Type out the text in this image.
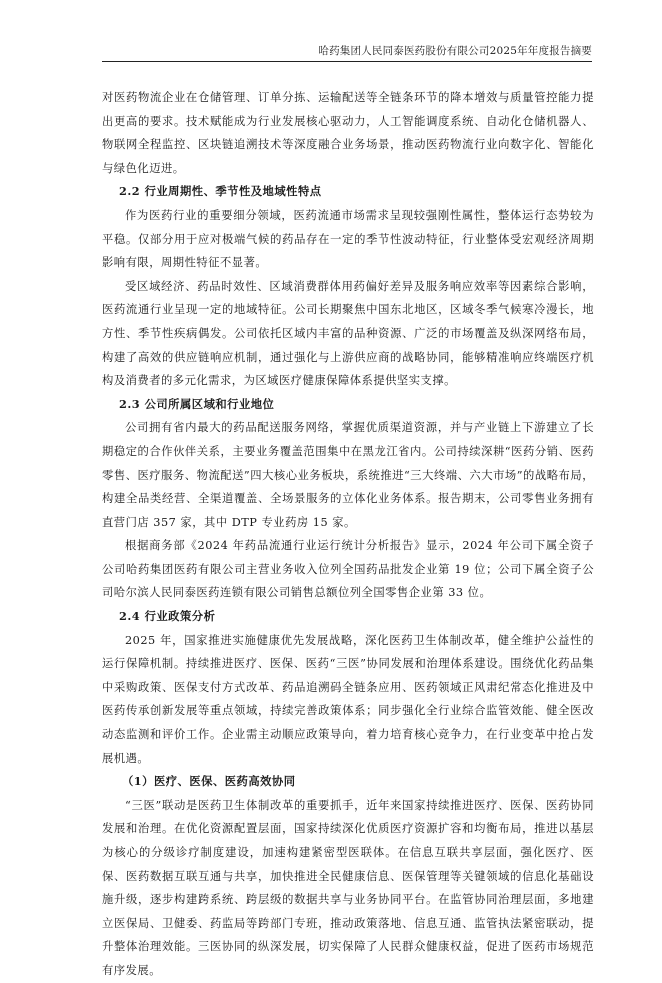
哈药集团人民同泰医药股份有限公司2025年年度报告摘要

对医药物流企业在仓储管理、订单分拣、运输配送等全链条环节的降本增效与质量管控能力提出更高的要求。技术赋能成为行业发展核心驱动力，人工智能调度系统、自动化仓储机器人、物联网全程监控、区块链追溯技术等深度融合业务场景，推动医药物流行业向数字化、智能化与绿色化迈进。

2.2 行业周期性、季节性及地域性特点

作为医药行业的重要细分领域，医药流通市场需求呈现较强刚性属性，整体运行态势较为平稳。仅部分用于应对极端气候的药品存在一定的季节性波动特征，行业整体受宏观经济周期影响有限，周期性特征不显著。

受区域经济、药品时效性、区域消费群体用药偏好差异及服务响应效率等因素综合影响，医药流通行业呈现一定的地域特征。公司长期聚焦中国东北地区，区域冬季气候寒冷漫长，地方性、季节性疾病偶发。公司依托区域内丰富的品种资源、广泛的市场覆盖及纵深网络布局，构建了高效的供应链响应机制，通过强化与上游供应商的战略协同，能够精准响应终端医疗机构及消费者的多元化需求，为区域医疗健康保障体系提供坚实支撑。

2.3 公司所属区域和行业地位

公司拥有省内最大的药品配送服务网络，掌握优质渠道资源，并与产业链上下游建立了长期稳定的合作伙伴关系，主要业务覆盖范围集中在黑龙江省内。公司持续深耕“医药分销、医药零售、医疗服务、物流配送”四大核心业务板块，系统推进“三大终端、六大市场”的战略布局，构建全品类经营、全渠道覆盖、全场景服务的立体化业务体系。报告期末，公司零售业务拥有直营门店 357 家，其中 DTP 专业药房 15 家。

根据商务部《2024 年药品流通行业运行统计分析报告》显示，2024 年公司下属全资子公司哈药集团医药有限公司主营业务收入位列全国药品批发企业第 19 位；公司下属全资子公司哈尔滨人民同泰医药连锁有限公司销售总额位列全国零售企业第 33 位。

2.4 行业政策分析

2025 年，国家推进实施健康优先发展战略，深化医药卫生体制改革，健全维护公益性的运行保障机制。持续推进医疗、医保、医药“三医”协同发展和治理体系建设。围绕优化药品集中采购政策、医保支付方式改革、药品追溯码全链条应用、医药领域正风肃纪常态化推进及中医药传承创新发展等重点领域，持续完善政策体系；同步强化全行业综合监管效能、健全医改动态监测和评价工作。企业需主动顺应政策导向，着力培育核心竞争力，在行业变革中抢占发展机遇。

（1）医疗、医保、医药高效协同

“三医”联动是医药卫生体制改革的重要抓手，近年来国家持续推进医疗、医保、医药协同发展和治理。在优化资源配置层面，国家持续深化优质医疗资源扩容和均衡布局，推进以基层为核心的分级诊疗制度建设，加速构建紧密型医联体。在信息互联共享层面，强化医疗、医保、医药数据互联互通与共享，加快推进全民健康信息、医保管理等关键领域的信息化基础设施升级，逐步构建跨系统、跨层级的数据共享与业务协同平台。在监管协同治理层面，多地建立医保局、卫健委、药监局等跨部门专班，推动政策落地、信息互通、监管执法紧密联动，提升整体治理效能。三医协同的纵深发展，切实保障了人民群众健康权益，促进了医药市场规范有序发展。
